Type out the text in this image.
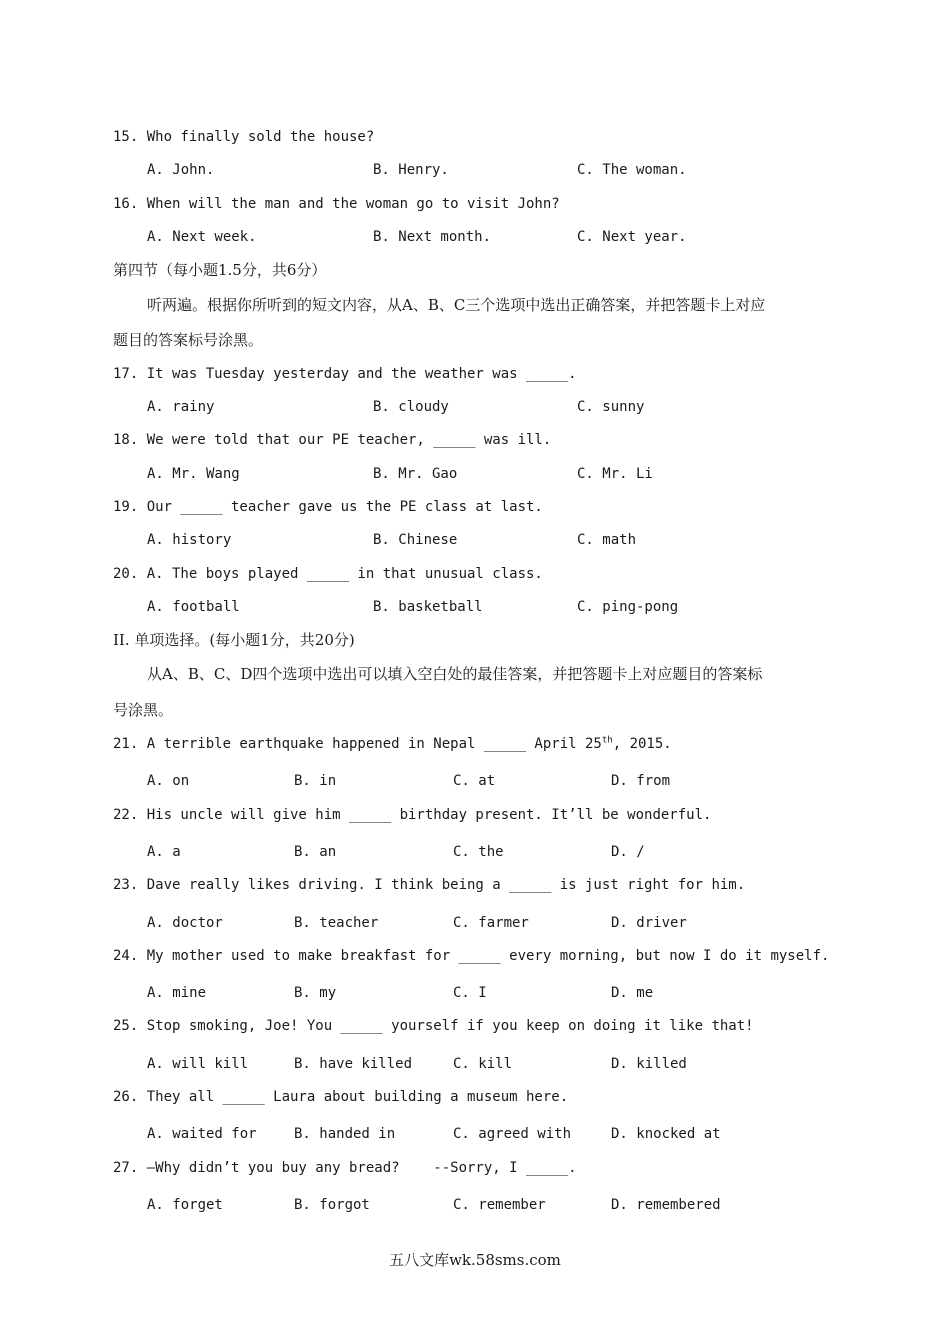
15. Who finally sold the house?
A. John.	B. Henry.	C. The woman.
16. When will the man and the woman go to visit John?
A. Next week.	B. Next month.	C. Next year.
第四节（每小题1.5分，共6分）
听两遍。根据你所听到的短文内容，从A、B、C三个选项中选出正确答案，并把答题卡上对应
题目的答案标号涂黑。
17. It was Tuesday yesterday and the weather was _____.
A. rainy	B. cloudy	C. sunny
18. We were told that our PE teacher, _____ was ill.
A. Mr. Wang	B. Mr. Gao	C. Mr. Li
19. Our _____ teacher gave us the PE class at last.
A. history	B. Chinese	C. math
20. A. The boys played _____ in that unusual class.
A. football	B. basketball	C. ping-pong
II. 单项选择。(每小题1分，共20分)
从A、B、C、D四个选项中选出可以填入空白处的最佳答案，并把答题卡上对应题目的答案标
号涂黑。
21. A terrible earthquake happened in Nepal _____ April 25th, 2015.
A. on	B. in	C. at	D. from
22. His uncle will give him _____ birthday present. It’ll be wonderful.
A. a	B. an	C. the	D. /
23. Dave really likes driving. I think being a _____ is just right for him.
A. doctor	B. teacher	C. farmer	D. driver
24. My mother used to make breakfast for _____ every morning, but now I do it myself.
A. mine	B. my	C. I	D. me
25. Stop smoking, Joe! You _____ yourself if you keep on doing it like that!
A. will kill	B. have killed	C. kill	D. killed
26. They all _____ Laura about building a museum here.
A. waited for	B. handed in	C. agreed with	D. knocked at
27. –Why didn’t you buy any bread?    --Sorry, I _____.
A. forget	B. forgot	C. remember	D. remembered
五八文库wk.58sms.com
